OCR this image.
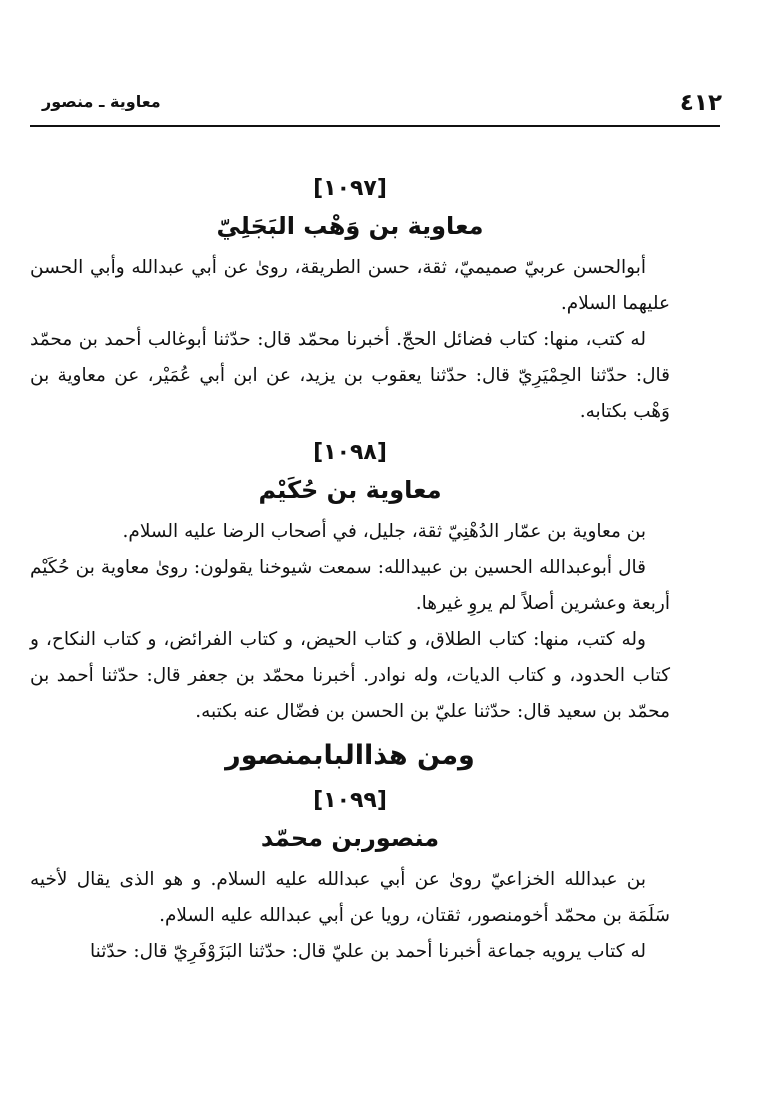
٤١٢
معاوية ـ منصور

[١٠٩٧]

معاوية بن وَهْب البَجَلِيّ

أبوالحسن عربيّ صميميّ، ثقة، حسن الطريقة، روىٰ عن أبي عبدالله وأبي الحسن عليهما السلام.

له كتب، منها: كتاب فضائل الحجّ. أخبرنا محمّد قال: حدّثنا أبوغالب أحمد بن محمّد قال: حدّثنا الحِمْيَرِيّ قال: حدّثنا يعقوب بن يزيد، عن ابن أبي عُمَيْر، عن معاوية بن وَهْب بكتابه.

[١٠٩٨]

معاوية بن حُكَيْم

بن معاوية بن عمّار الدُهْنِيّ ثقة، جليل، في أصحاب الرضا عليه السلام.

قال أبوعبدالله الحسين بن عبيدالله: سمعت شيوخنا يقولون: روىٰ معاوية بن حُكَيْم أربعة وعشرين أصلاً لم يروِ غيرها.

وله كتب، منها: كتاب الطلاق، و كتاب الحيض، و كتاب الفرائض، و كتاب النكاح، و كتاب الحدود، و كتاب الديات، وله نوادر. أخبرنا محمّد بن جعفر قال: حدّثنا أحمد بن محمّد بن سعيد قال: حدّثنا عليّ بن الحسن بن فضّال عنه بكتبه.

ومن هذاالبابمنصور

[١٠٩٩]

منصوربن محمّد

بن عبدالله الخزاعيّ روىٰ عن أبي عبدالله عليه السلام. و هو الذى يقال لأخيه سَلَمَة بن محمّد أخومنصور، ثقتان، رويا عن أبي عبدالله عليه السلام.

له كتاب يرويه جماعة أخبرنا أحمد بن عليّ قال: حدّثنا البَزَوْفَرِيّ قال: حدّثنا
